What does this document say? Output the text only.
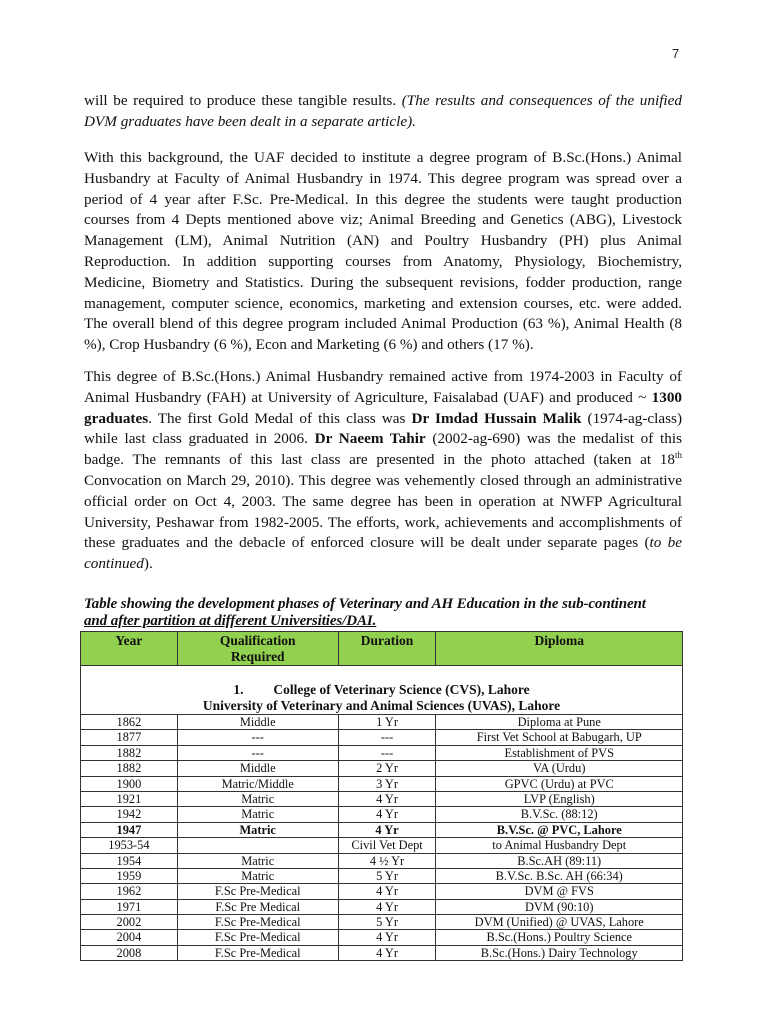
7

will be required to produce these tangible results. (The results and consequences of the unified DVM graduates have been dealt in a separate article).

With this background, the UAF decided to institute a degree program of B.Sc.(Hons.) Animal Husbandry at Faculty of Animal Husbandry in 1974. This degree program was spread over a period of 4 year after F.Sc. Pre-Medical. In this degree the students were taught production courses from 4 Depts mentioned above viz; Animal Breeding and Genetics (ABG), Livestock Management (LM), Animal Nutrition (AN) and Poultry Husbandry (PH) plus Animal Reproduction. In addition supporting courses from Anatomy, Physiology, Biochemistry, Medicine, Biometry and Statistics. During the subsequent revisions, fodder production, range management, computer science, economics, marketing and extension courses, etc. were added. The overall blend of this degree program included Animal Production (63 %), Animal Health (8 %), Crop Husbandry (6 %), Econ and Marketing (6 %) and others (17 %).

This degree of B.Sc.(Hons.) Animal Husbandry remained active from 1974-2003 in Faculty of Animal Husbandry (FAH) at University of Agriculture, Faisalabad (UAF) and produced ~ 1300 graduates. The first Gold Medal of this class was Dr Imdad Hussain Malik (1974-ag-class) while last class graduated in 2006. Dr Naeem Tahir (2002-ag-690) was the medalist of this badge. The remnants of this last class are presented in the photo attached (taken at 18th Convocation on March 29, 2010). This degree was vehemently closed through an administrative official order on Oct 4, 2003. The same degree has been in operation at NWFP Agricultural University, Peshawar from 1982-2005. The efforts, work, achievements and accomplishments of these graduates and the debacle of enforced closure will be dealt under separate pages (to be continued).

Table showing the development phases of Veterinary and AH Education in the sub-continent
and after partition at different Universities/DAI.

Year	Qualification Required	Duration	Diploma
1. College of Veterinary Science (CVS), Lahore
University of Veterinary and Animal Sciences (UVAS), Lahore			
1862	Middle	1 Yr	Diploma at Pune
1877	---	---	First Vet School at Babugarh, UP
1882	---	---	Establishment of PVS
1882	Middle	2 Yr	VA (Urdu)
1900	Matric/Middle	3 Yr	GPVC (Urdu) at PVC
1921	Matric	4 Yr	LVP (English)
1942	Matric	4 Yr	B.V.Sc. (88:12)
1947	Matric	4 Yr	B.V.Sc. @ PVC, Lahore
1953-54		Civil Vet Dept	to Animal Husbandry Dept
1954	Matric	4 ½ Yr	B.Sc.AH (89:11)
1959	Matric	5 Yr	B.V.Sc. B.Sc. AH (66:34)
1962	F.Sc Pre-Medical	4 Yr	DVM @ FVS
1971	F.Sc Pre Medical	4 Yr	DVM (90:10)
2002	F.Sc Pre-Medical	5 Yr	DVM (Unified) @ UVAS, Lahore
2004	F.Sc Pre-Medical	4 Yr	B.Sc.(Hons.) Poultry Science
2008	F.Sc Pre-Medical	4 Yr	B.Sc.(Hons.) Dairy Technology
